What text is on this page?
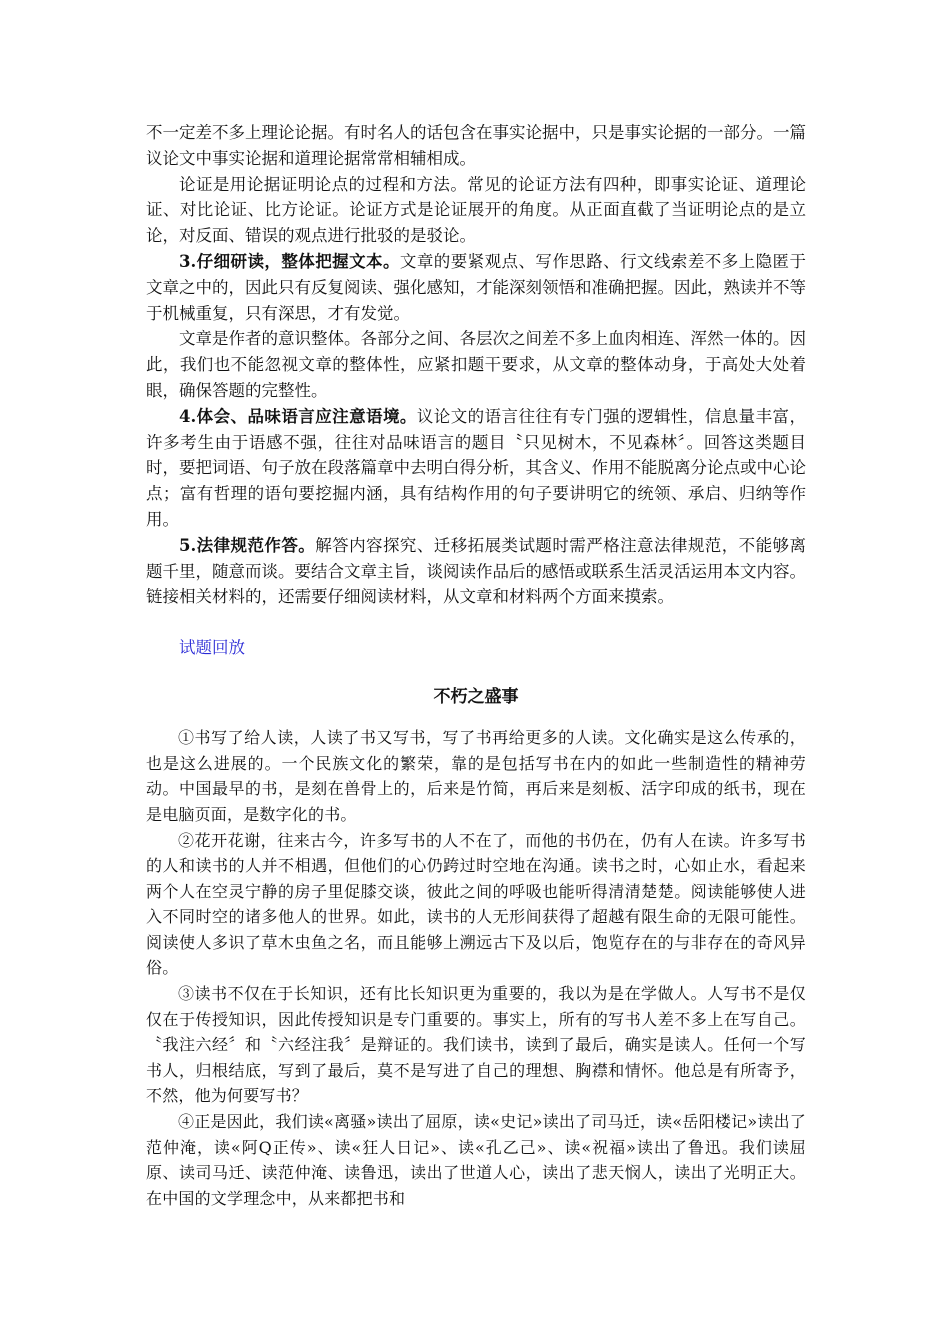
不一定差不多上理论论据。有时名人的话包含在事实论据中，只是事实论据的一部分。一篇议论文中事实论据和道理论据常常相辅相成。

论证是用论据证明论点的过程和方法。常见的论证方法有四种，即事实论证、道理论证、对比论证、比方论证。论证方式是论证展开的角度。从正面直截了当证明论点的是立论，对反面、错误的观点进行批驳的是驳论。

3.仔细研读，整体把握文本。文章的要紧观点、写作思路、行文线索差不多上隐匿于文章之中的，因此只有反复阅读、强化感知，才能深刻领悟和准确把握。因此，熟读并不等于机械重复，只有深思，才有发觉。

文章是作者的意识整体。各部分之间、各层次之间差不多上血肉相连、浑然一体的。因此，我们也不能忽视文章的整体性，应紧扣题干要求，从文章的整体动身，于高处大处着眼，确保答题的完整性。

4.体会、品味语言应注意语境。议论文的语言往往有专门强的逻辑性，信息量丰富，许多考生由于语感不强，往往对品味语言的题目〝只见树木，不见森林〞。回答这类题目时，要把词语、句子放在段落篇章中去明白得分析，其含义、作用不能脱离分论点或中心论点；富有哲理的语句要挖掘内涵，具有结构作用的句子要讲明它的统领、承启、归纳等作用。

5.法律规范作答。解答内容探究、迁移拓展类试题时需严格注意法律规范，不能够离题千里，随意而谈。要结合文章主旨，谈阅读作品后的感悟或联系生活灵活运用本文内容。链接相关材料的，还需要仔细阅读材料，从文章和材料两个方面来摸索。

试题回放
不朽之盛事

①书写了给人读，人读了书又写书，写了书再给更多的人读。文化确实是这么传承的，也是这么进展的。一个民族文化的繁荣，靠的是包括写书在内的如此一些制造性的精神劳动。中国最早的书，是刻在兽骨上的，后来是竹简，再后来是刻板、活字印成的纸书，现在是电脑页面，是数字化的书。

②花开花谢，往来古今，许多写书的人不在了，而他的书仍在，仍有人在读。许多写书的人和读书的人并不相遇，但他们的心仍跨过时空地在沟通。读书之时，心如止水，看起来两个人在空灵宁静的房子里促膝交谈，彼此之间的呼吸也能听得清清楚楚。阅读能够使人进入不同时空的诸多他人的世界。如此，读书的人无形间获得了超越有限生命的无限可能性。阅读使人多识了草木虫鱼之名，而且能够上溯远古下及以后，饱览存在的与非存在的奇风异俗。

③读书不仅在于长知识，还有比长知识更为重要的，我以为是在学做人。人写书不是仅仅在于传授知识，因此传授知识是专门重要的。事实上，所有的写书人差不多上在写自己。〝我注六经〞和〝六经注我〞是辩证的。我们读书，读到了最后，确实是读人。任何一个写书人，归根结底，写到了最后，莫不是写进了自己的理想、胸襟和情怀。他总是有所寄予，不然，他为何要写书？

④正是因此，我们读«离骚»读出了屈原，读«史记»读出了司马迁，读«岳阳楼记»读出了范仲淹，读«阿Q正传»、读«狂人日记»、读«孔乙己»、读«祝福»读出了鲁迅。我们读屈原、读司马迁、读范仲淹、读鲁迅，读出了世道人心，读出了悲天悯人，读出了光明正大。在中国的文学理念中，从来都把书和
